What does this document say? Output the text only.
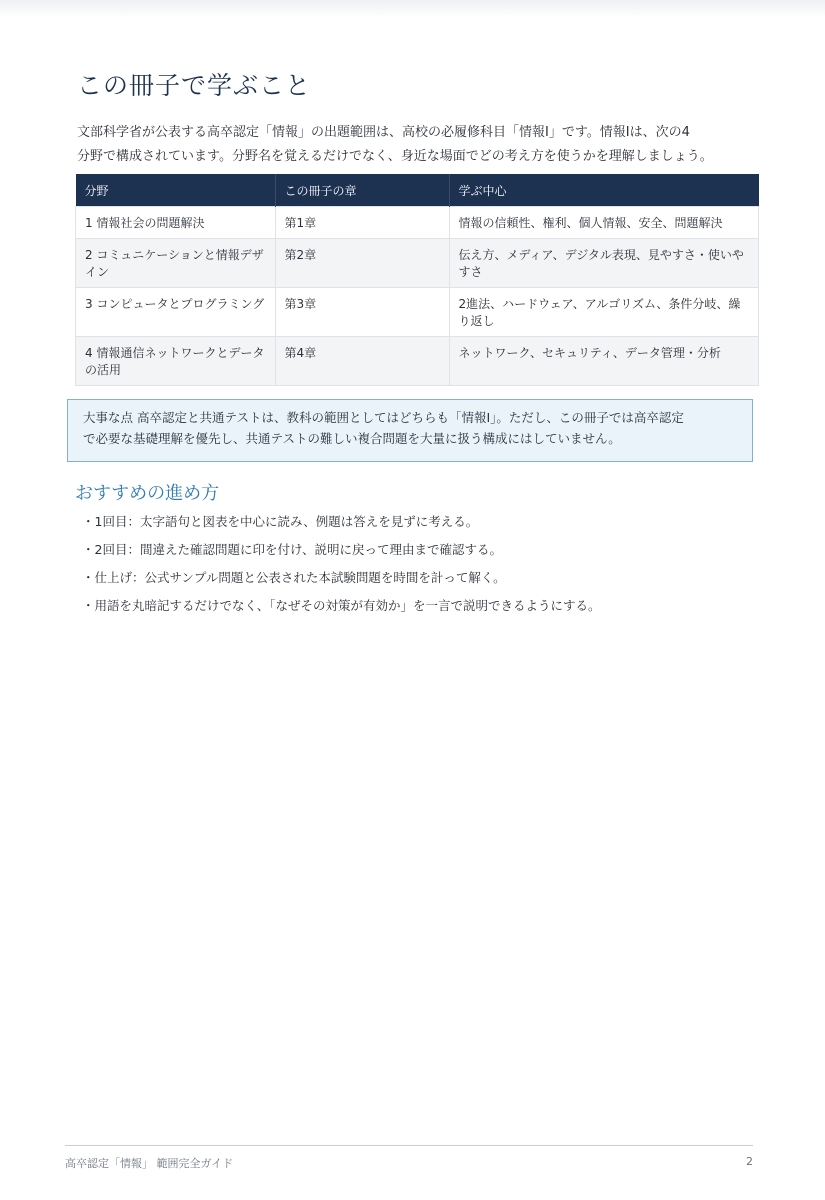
この冊子で学ぶこと

文部科学省が公表する高卒認定「情報」の出題範囲は、高校の必履修科目「情報Ⅰ」です。情報Ⅰは、次の4

分野で構成されています。分野名を覚えるだけでなく、身近な場面でどの考え方を使うかを理解しましょう。

分野	この冊子の章	学ぶ中心
1 情報社会の問題解決	第1章	情報の信頼性、権利、個人情報、安全、問題解決
2 コミュニケーションと情報デザイン	第2章	伝え方、メディア、デジタル表現、見やすさ・使いやすさ
3 コンピュータとプログラミング	第3章	2進法、ハードウェア、アルゴリズム、条件分岐、繰り返し
4 情報通信ネットワークとデータの活用	第4章	ネットワーク、セキュリティ、データ管理・分析

大事な点 高卒認定と共通テストは、教科の範囲としてはどちらも「情報Ⅰ」。ただし、この冊子では高卒認定

で必要な基礎理解を優先し、共通テストの難しい複合問題を大量に扱う構成にはしていません。

おすすめの進め方
・1回目：太字語句と図表を中心に読み、例題は答えを見ずに考える。
・2回目：間違えた確認問題に印を付け、説明に戻って理由まで確認する。
・仕上げ：公式サンプル問題と公表された本試験問題を時間を計って解く。
・用語を丸暗記するだけでなく、「なぜその対策が有効か」を一言で説明できるようにする。
高卒認定「情報」 範囲完全ガイド	2
